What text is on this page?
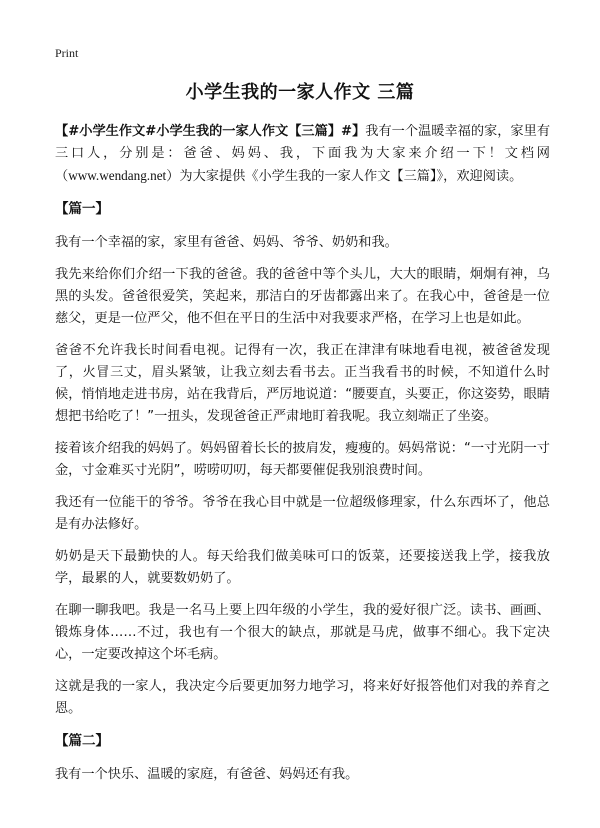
Print
小学生我的一家人作文 三篇

【#小学生作文#小学生我的一家人作文【三篇】#】我有一个温暖幸福的家，家里有三口人，分别是：爸爸、妈妈、我，下面我为大家来介绍一下！文档网（www.wendang.net）为大家提供《小学生我的一家人作文【三篇】》，欢迎阅读。

【篇一】

我有一个幸福的家，家里有爸爸、妈妈、爷爷、奶奶和我。

我先来给你们介绍一下我的爸爸。我的爸爸中等个头儿，大大的眼睛，炯炯有神，乌黑的头发。爸爸很爱笑，笑起来，那洁白的牙齿都露出来了。在我心中，爸爸是一位慈父，更是一位严父，他不但在平日的生活中对我要求严格，在学习上也是如此。

爸爸不允许我长时间看电视。记得有一次，我正在津津有味地看电视，被爸爸发现了，火冒三丈，眉头紧皱，让我立刻去看书去。正当我看书的时候，不知道什么时候，悄悄地走进书房，站在我背后，严厉地说道：“腰要直，头要正，你这姿势，眼睛想把书给吃了！”一扭头，发现爸爸正严肃地盯着我呢。我立刻端正了坐姿。

接着该介绍我的妈妈了。妈妈留着长长的披肩发，瘦瘦的。妈妈常说：“一寸光阴一寸金，寸金难买寸光阴”，唠唠叨叨，每天都要催促我别浪费时间。

我还有一位能干的爷爷。爷爷在我心目中就是一位超级修理家，什么东西坏了，他总是有办法修好。

奶奶是天下最勤快的人。每天给我们做美味可口的饭菜，还要接送我上学，接我放学，最累的人，就要数奶奶了。

在聊一聊我吧。我是一名马上要上四年级的小学生，我的爱好很广泛。读书、画画、锻炼身体……不过，我也有一个很大的缺点，那就是马虎，做事不细心。我下定决心，一定要改掉这个坏毛病。

这就是我的一家人，我决定今后要更加努力地学习，将来好好报答他们对我的养育之恩。

【篇二】

我有一个快乐、温暖的家庭，有爸爸、妈妈还有我。
